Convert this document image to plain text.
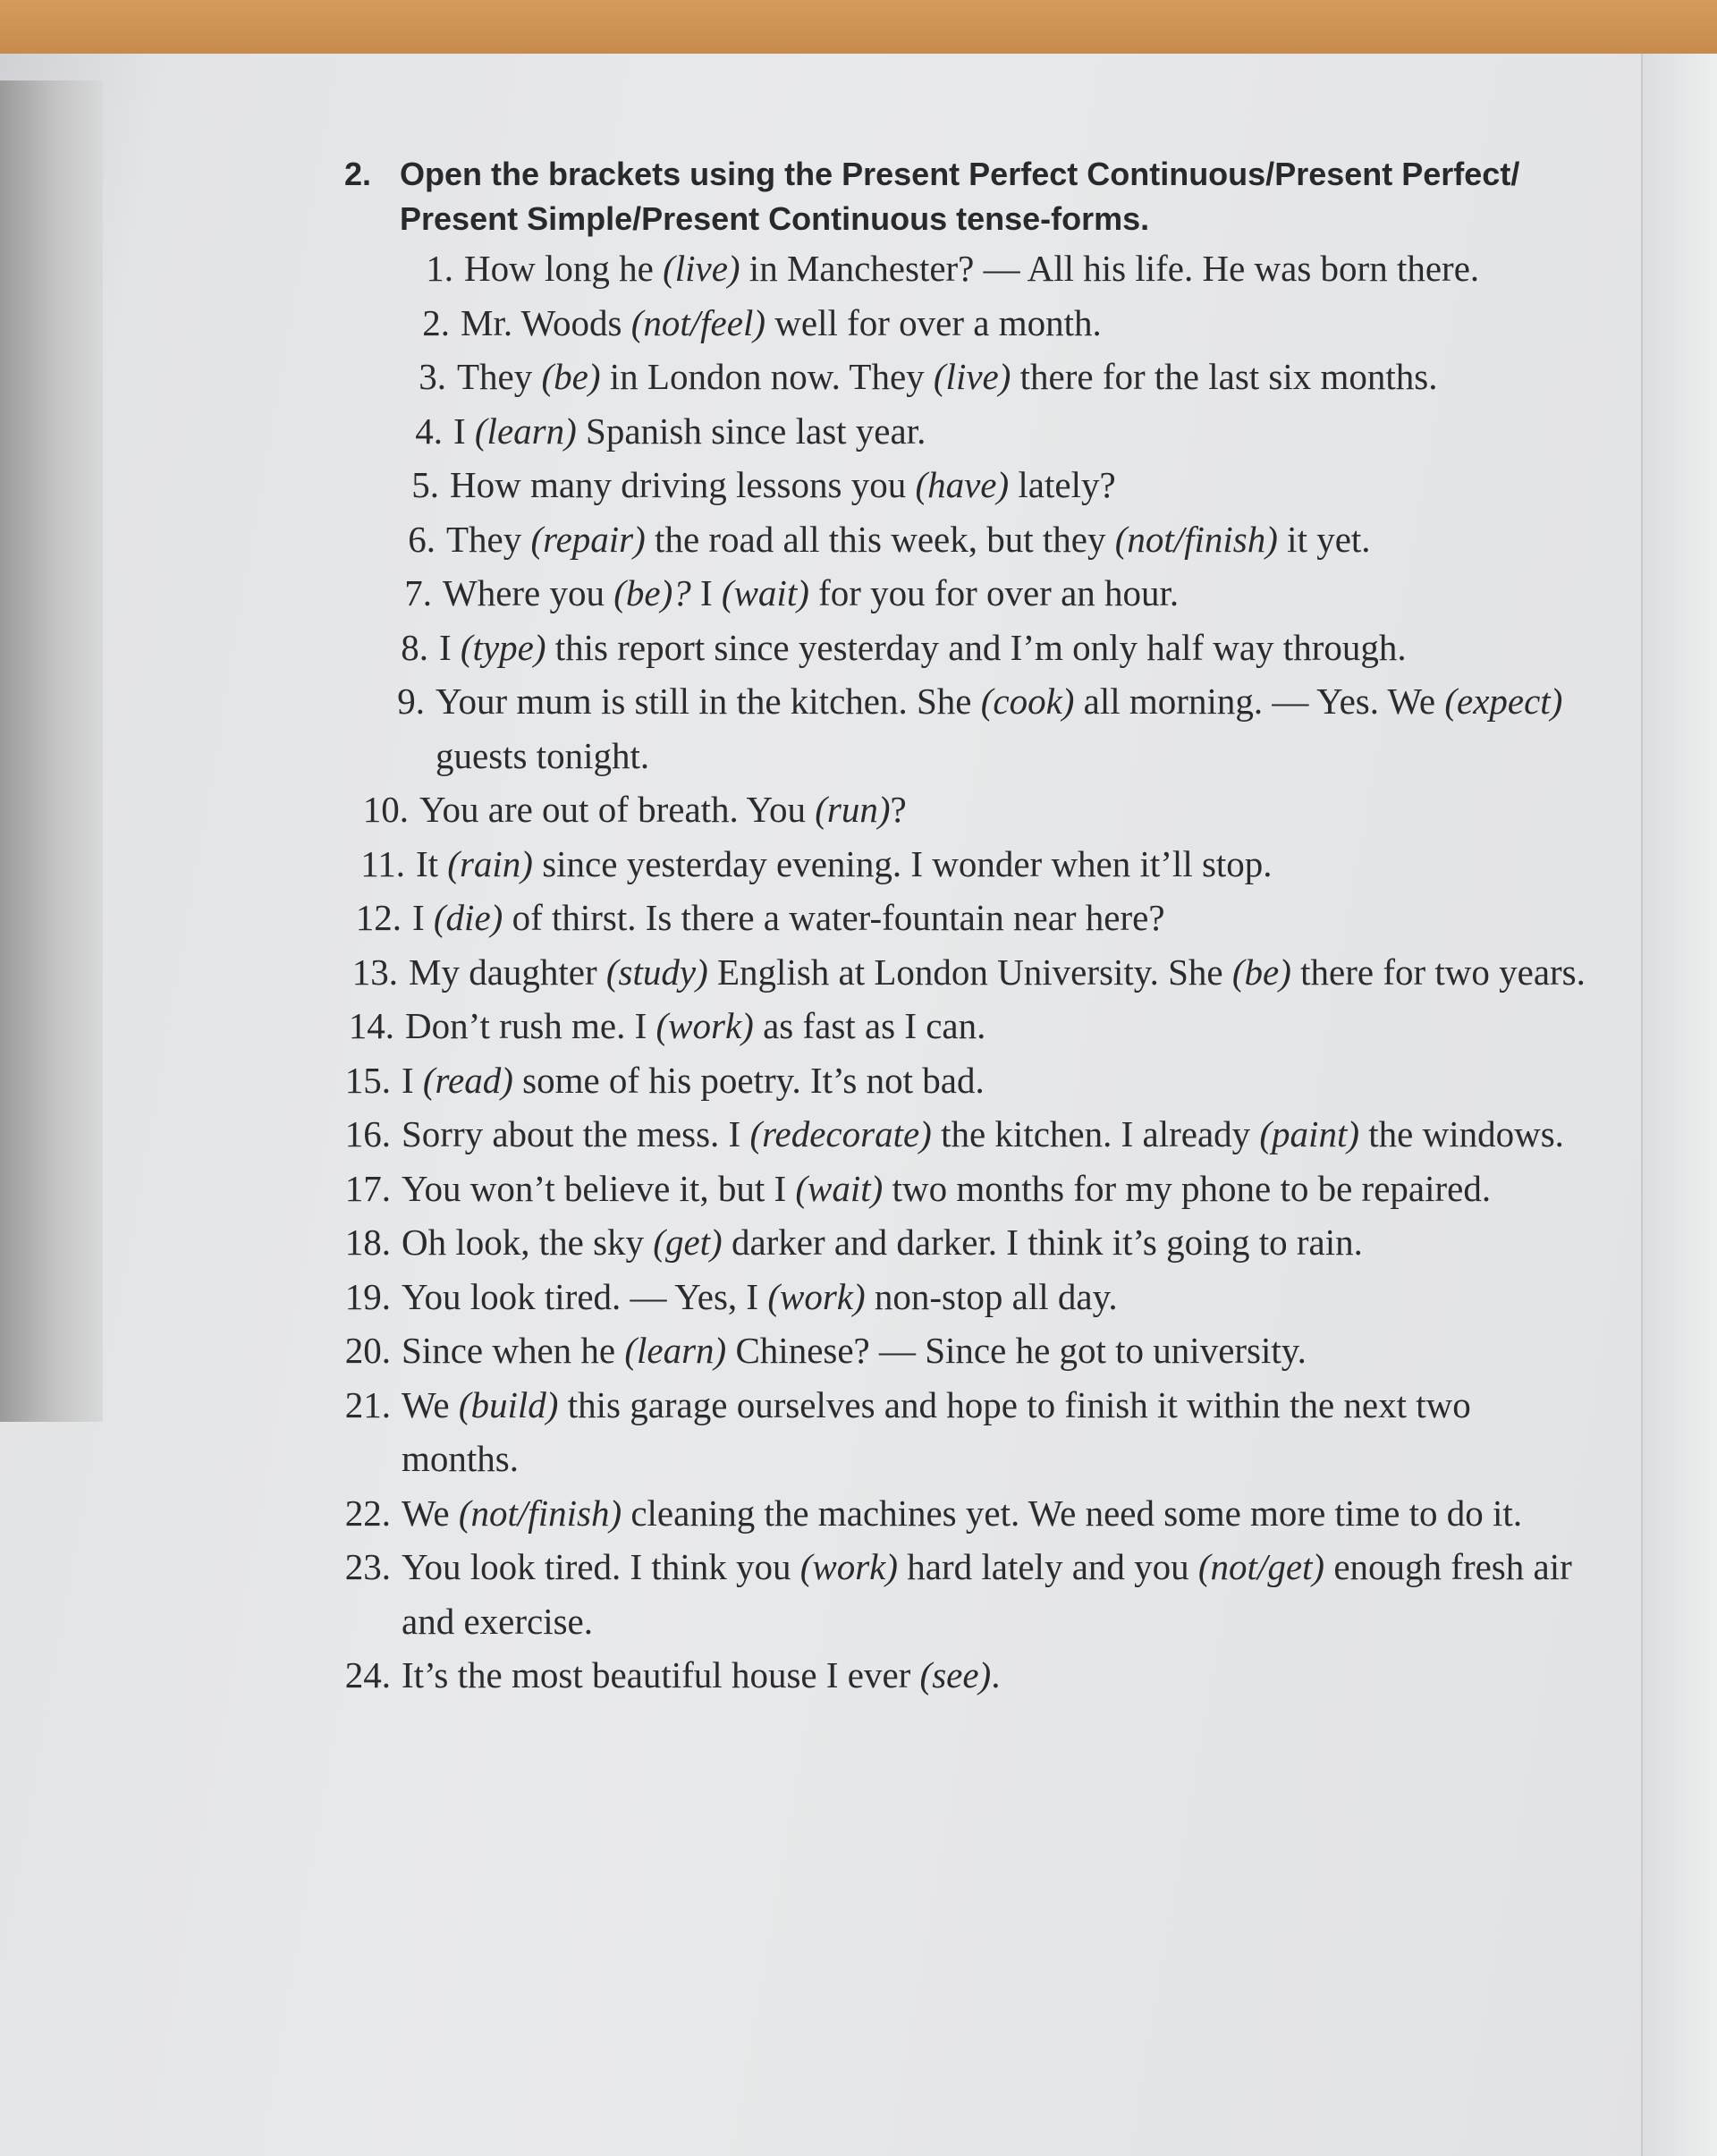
2. Open the brackets using the Present Perfect Continuous/Present Perfect/ Present Simple/Present Continuous tense-forms.
1. How long he (live) in Manchester? — All his life. He was born there.
2. Mr. Woods (not/feel) well for over a month.
3. They (be) in London now. They (live) there for the last six months.
4. I (learn) Spanish since last year.
5. How many driving lessons you (have) lately?
6. They (repair) the road all this week, but they (not/finish) it yet.
7. Where you (be)? I (wait) for you for over an hour.
8. I (type) this report since yesterday and I’m only half way through.
9. Your mum is still in the kitchen. She (cook) all morning. — Yes. We (expect) guests tonight.
10. You are out of breath. You (run)?
11. It (rain) since yesterday evening. I wonder when it’ll stop.
12. I (die) of thirst. Is there a water-fountain near here?
13. My daughter (study) English at London University. She (be) there for two years.
14. Don’t rush me. I (work) as fast as I can.
15. I (read) some of his poetry. It’s not bad.
16. Sorry about the mess. I (redecorate) the kitchen. I already (paint) the windows.
17. You won’t believe it, but I (wait) two months for my phone to be repaired.
18. Oh look, the sky (get) darker and darker. I think it’s going to rain.
19. You look tired. — Yes, I (work) non-stop all day.
20. Since when he (learn) Chinese? — Since he got to university.
21. We (build) this garage ourselves and hope to finish it within the next two months.
22. We (not/finish) cleaning the machines yet. We need some more time to do it.
23. You look tired. I think you (work) hard lately and you (not/get) enough fresh air and exercise.
24. It’s the most beautiful house I ever (see).
